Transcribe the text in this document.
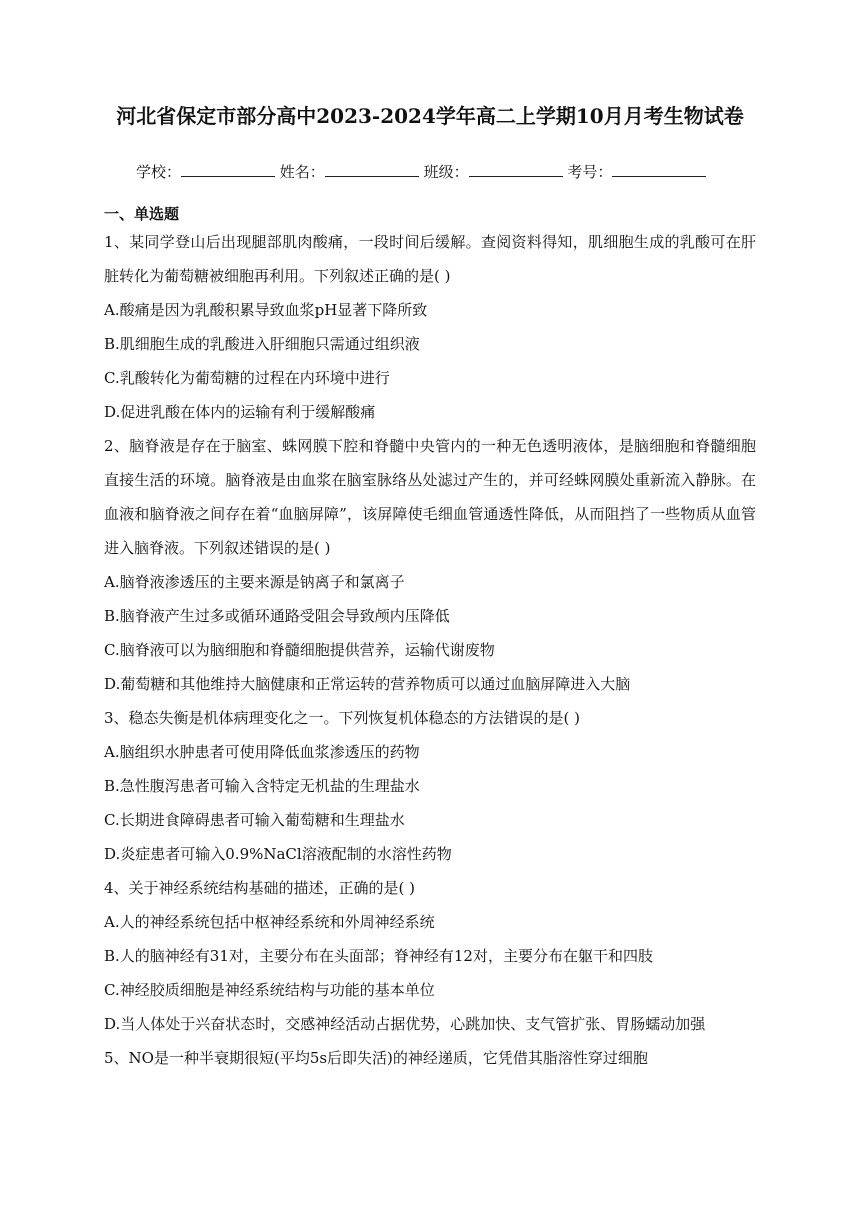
河北省保定市部分高中2023-2024学年高二上学期10月月考生物试卷
学校：	姓名：	班级：	考号：
一、单选题

1、某同学登山后出现腿部肌肉酸痛，一段时间后缓解。查阅资料得知，肌细胞生成的乳酸可在肝脏转化为葡萄糖被细胞再利用。下列叙述正确的是( )

A.酸痛是因为乳酸积累导致血浆pH显著下降所致

B.肌细胞生成的乳酸进入肝细胞只需通过组织液

C.乳酸转化为葡萄糖的过程在内环境中进行

D.促进乳酸在体内的运输有利于缓解酸痛

2、脑脊液是存在于脑室、蛛网膜下腔和脊髓中央管内的一种无色透明液体，是脑细胞和脊髓细胞直接生活的环境。脑脊液是由血浆在脑室脉络丛处滤过产生的，并可经蛛网膜处重新流入静脉。在血液和脑脊液之间存在着“血脑屏障”，该屏障使毛细血管通透性降低，从而阻挡了一些物质从血管进入脑脊液。下列叙述错误的是( )

A.脑脊液渗透压的主要来源是钠离子和氯离子

B.脑脊液产生过多或循环通路受阻会导致颅内压降低

C.脑脊液可以为脑细胞和脊髓细胞提供营养，运输代谢废物

D.葡萄糖和其他维持大脑健康和正常运转的营养物质可以通过血脑屏障进入大脑

3、稳态失衡是机体病理变化之一。下列恢复机体稳态的方法错误的是( )

A.脑组织水肿患者可使用降低血浆渗透压的药物

B.急性腹泻患者可输入含特定无机盐的生理盐水

C.长期进食障碍患者可输入葡萄糖和生理盐水

D.炎症患者可输入0.9%NaCl溶液配制的水溶性药物

4、关于神经系统结构基础的描述，正确的是( )

A.人的神经系统包括中枢神经系统和外周神经系统

B.人的脑神经有31对，主要分布在头面部；脊神经有12对，主要分布在躯干和四肢

C.神经胶质细胞是神经系统结构与功能的基本单位

D.当人体处于兴奋状态时，交感神经活动占据优势，心跳加快、支气管扩张、胃肠蠕动加强

5、NO是一种半衰期很短(平均5s后即失活)的神经递质，它凭借其脂溶性穿过细胞
